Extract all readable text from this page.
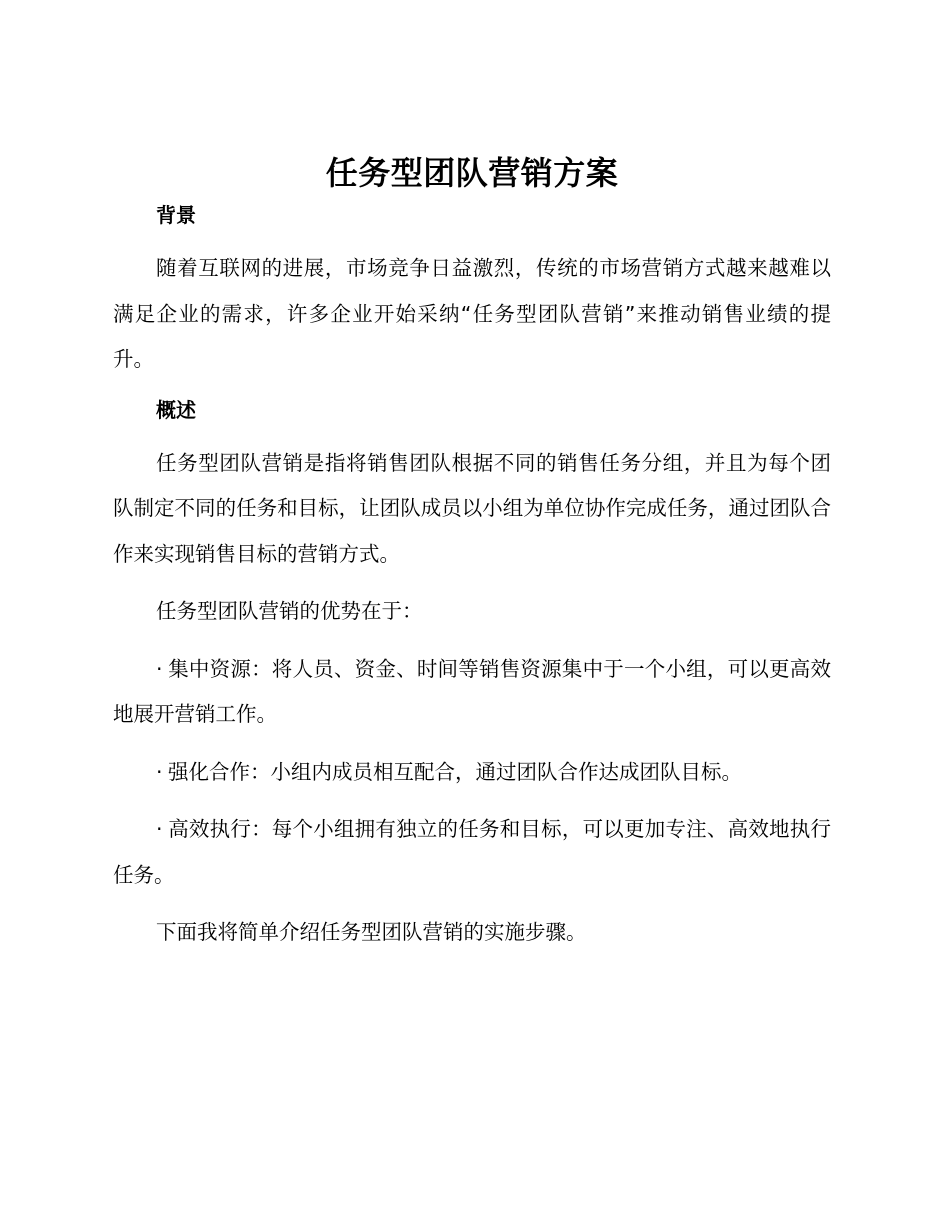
任务型团队营销方案
背景

随着互联网的进展，市场竞争日益激烈，传统的市场营销方式越来越难以满足企业的需求，许多企业开始采纳“任务型团队营销”来推动销售业绩的提升。

概述

任务型团队营销是指将销售团队根据不同的销售任务分组，并且为每个团队制定不同的任务和目标，让团队成员以小组为单位协作完成任务，通过团队合作来实现销售目标的营销方式。

任务型团队营销的优势在于：

· 集中资源：将人员、资金、时间等销售资源集中于一个小组，可以更高效地展开营销工作。

· 强化合作：小组内成员相互配合，通过团队合作达成团队目标。

· 高效执行：每个小组拥有独立的任务和目标，可以更加专注、高效地执行任务。

下面我将简单介绍任务型团队营销的实施步骤。
